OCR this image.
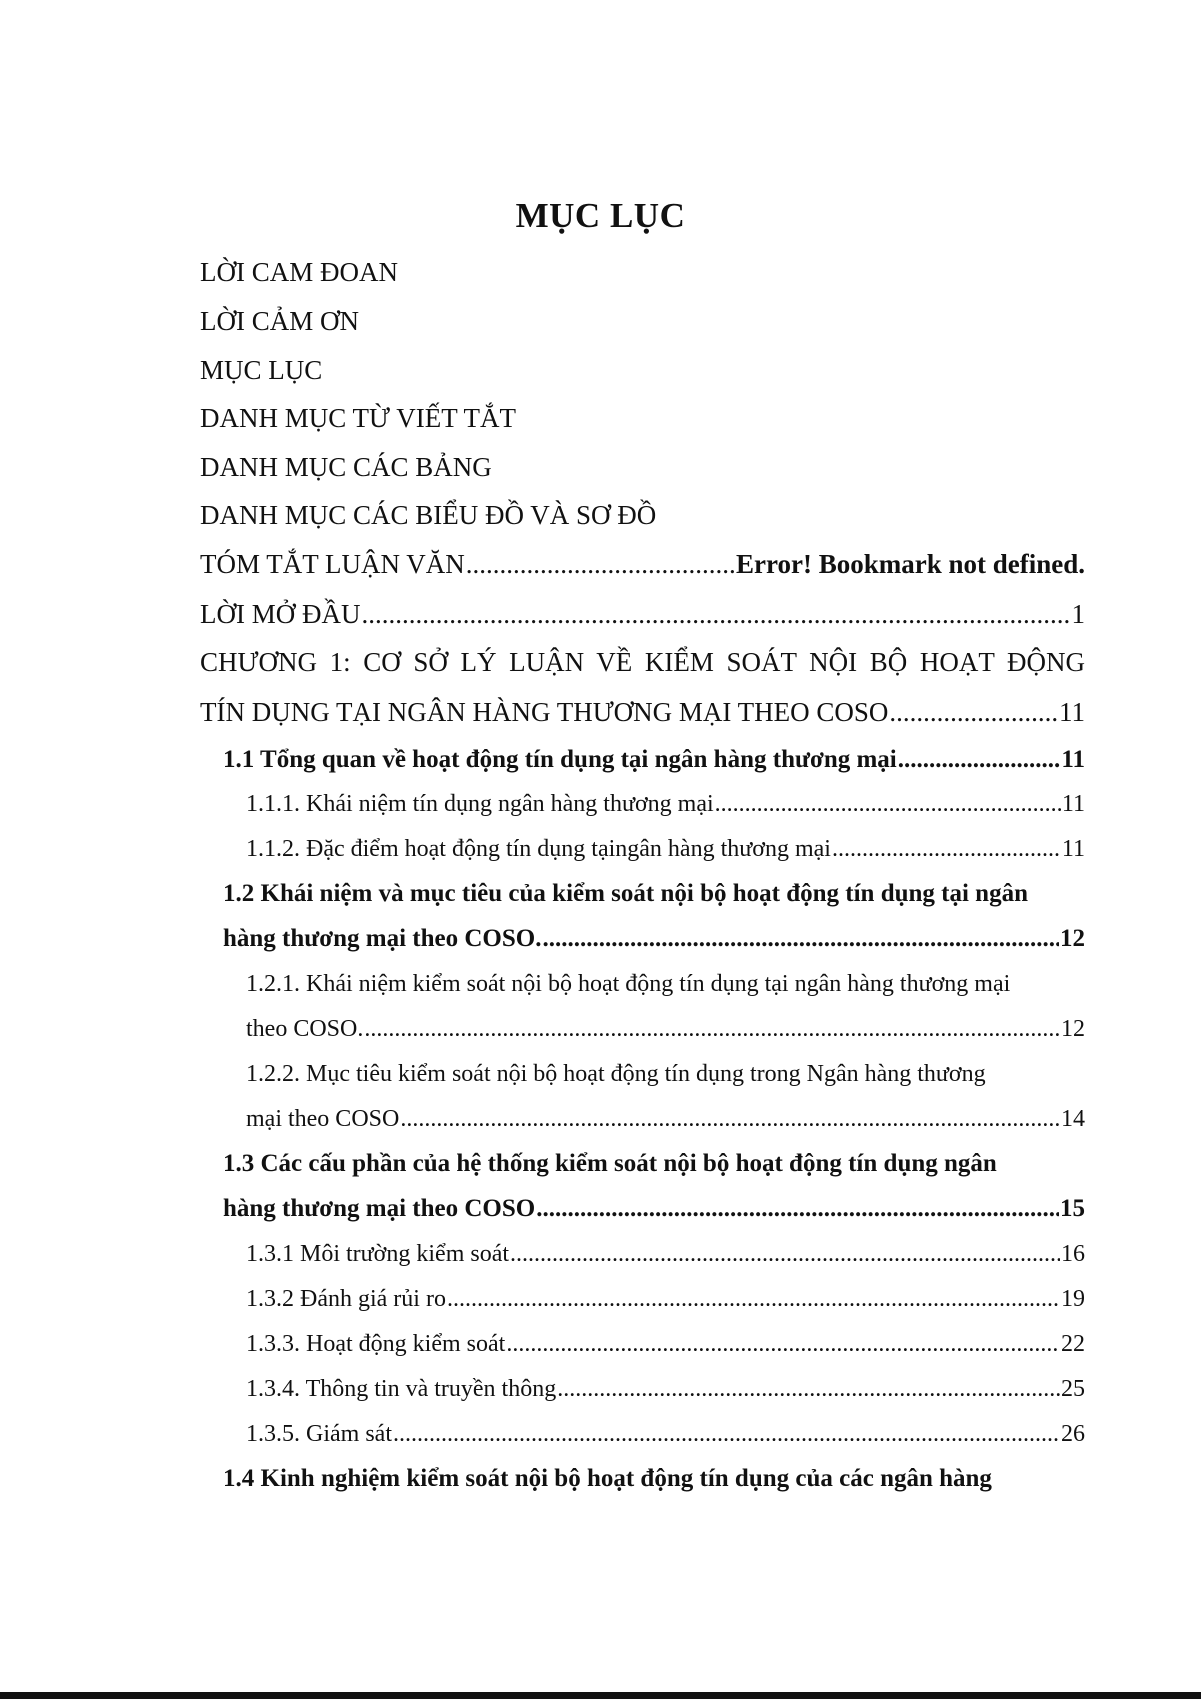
MỤC LỤC
LỜI CAM ĐOAN
LỜI CẢM ƠN
MỤC LỤC
DANH MỤC TỪ VIẾT TẮT
DANH MỤC CÁC BẢNG
DANH MỤC CÁC BIỂU ĐỒ VÀ SƠ ĐỒ
TÓM TẮT LUẬN VĂN .....	Error! Bookmark not defined.
LỜI MỞ ĐẦU .....	1
CHƯƠNG 1: CƠ SỞ LÝ LUẬN VỀ KIỂM SOÁT NỘI BỘ HOẠT ĐỘNG
TÍN DỤNG TẠI NGÂN HÀNG THƯƠNG MẠI THEO COSO .....	11
1.1 Tổng quan về hoạt động tín dụng tại ngân hàng thương mại .....	11
1.1.1. Khái niệm tín dụng ngân hàng thương mại .....	11
1.1.2. Đặc điểm hoạt động tín dụng tạingân hàng thương mại .....	11
1.2 Khái niệm và mục tiêu của kiểm soát nội bộ hoạt động tín dụng tại ngân
hàng thương mại theo COSO. .....	12
1.2.1. Khái niệm kiểm soát nội bộ hoạt động tín dụng tại ngân hàng thương mại
theo COSO. .....	12
1.2.2. Mục tiêu kiểm soát nội bộ hoạt động tín dụng trong Ngân hàng thương
mại theo COSO .....	14
1.3 Các cấu phần của hệ thống kiểm soát nội bộ hoạt động tín dụng ngân
hàng thương mại theo COSO .....	15
1.3.1 Môi trường kiểm soát .....	16
1.3.2 Đánh giá rủi ro .....	19
1.3.3. Hoạt động kiểm soát .....	22
1.3.4. Thông tin và truyền thông .....	25
1.3.5. Giám sát .....	26
1.4 Kinh nghiệm kiểm soát nội bộ hoạt động tín dụng của các ngân hàng
